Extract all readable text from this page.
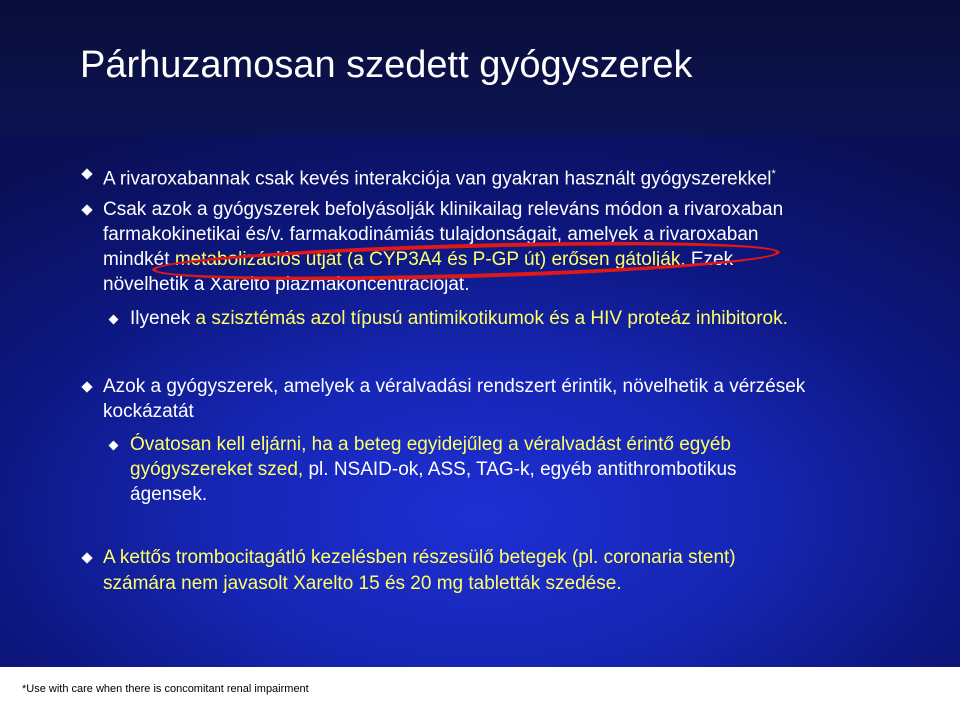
Párhuzamosan szedett gyógyszerek
A rivaroxabannak csak kevés interakciója van gyakran használt gyógyszerekkel*
Csak azok a gyógyszerek befolyásolják klinikailag releváns módon a rivaroxaban
farmakokinetikai és/v. farmakodinámiás tulajdonságait, amelyek a rivaroxaban
mindkét metabolizációs útját (a CYP3A4 és P-GP út) erősen gátolják. Ezek
növelhetik a Xarelto plazmakoncentrációját.
Ilyenek a szisztémás azol típusú antimikotikumok és a HIV proteáz inhibitorok.
Azok a gyógyszerek, amelyek a véralvadási rendszert érintik, növelhetik a vérzések
kockázatát
Óvatosan kell eljárni, ha a beteg egyidejűleg a véralvadást érintő egyéb
gyógyszereket szed, pl. NSAID-ok, ASS, TAG-k, egyéb antithrombotikus
ágensek.
A kettős trombocitagátló kezelésben részesülő betegek (pl. coronaria stent)
számára nem javasolt Xarelto 15 és 20 mg tabletták szedése.
*Use with care when there is concomitant renal impairment
